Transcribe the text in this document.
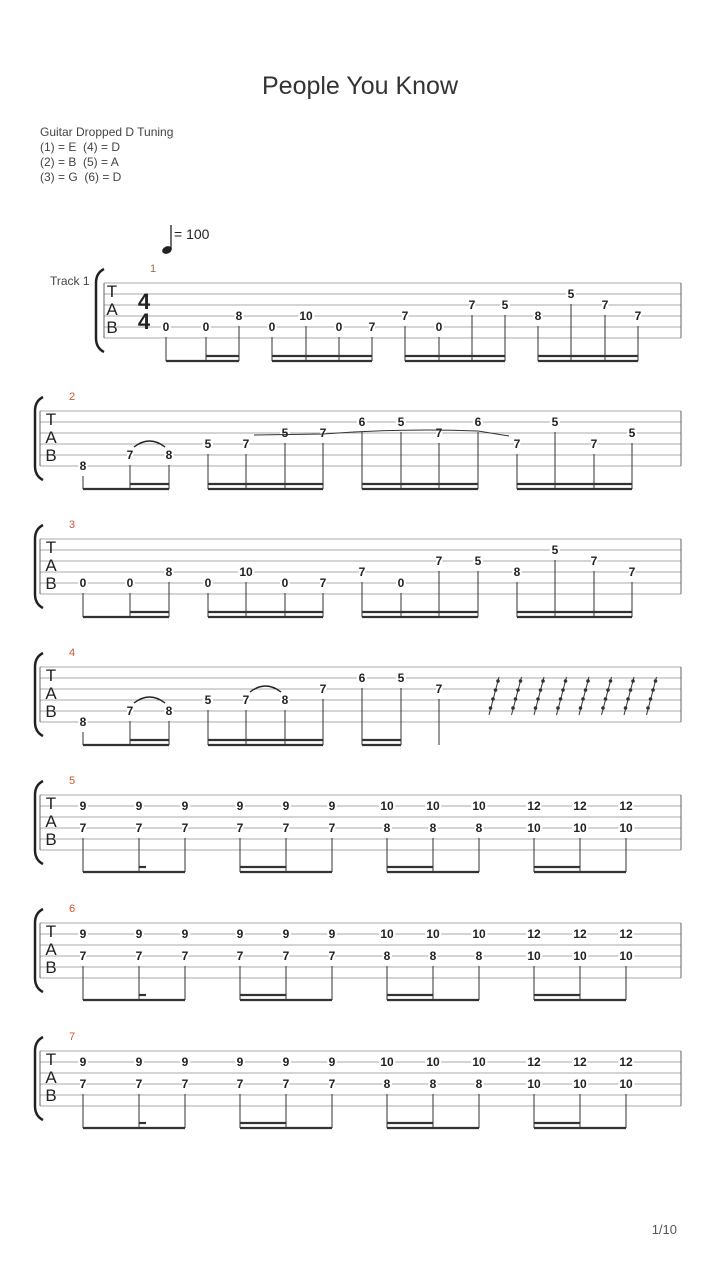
People You Know
Guitar Dropped D Tuning
(1) = E  (4) = D
(2) = B  (5) = A
(3) = G  (6) = D
= 100
Track 1
T
A
B
1
4
4 0	0
8
0
10
0 7
7
0
7 5
8
5
7
7
T
A
B
2
8
7	8
5	7
5	7
6	5
7
6
7
5
7
5
T
A
B
3
0	0
8
0
10
0	7
7
0
7	5
8
5
7
7
T
A
B
4
8
7	8
5	7	8
7
6	5
7
T
A
B
5
9
7
9
7
9
7
9
7
9
7
9
7
10
8
10
8
10
8
12
10
12
10
12
10
T
A
B
6
9
7
9
7
9
7
9
7
9
7
9
7
10
8
10
8
10
8
12
10
12
10
12
10
T
A
B
7
9
7
9
7
9
7
9
7
9
7
9
7
10
8
10
8
10
8
12
10
12
10
12
10
1/10
